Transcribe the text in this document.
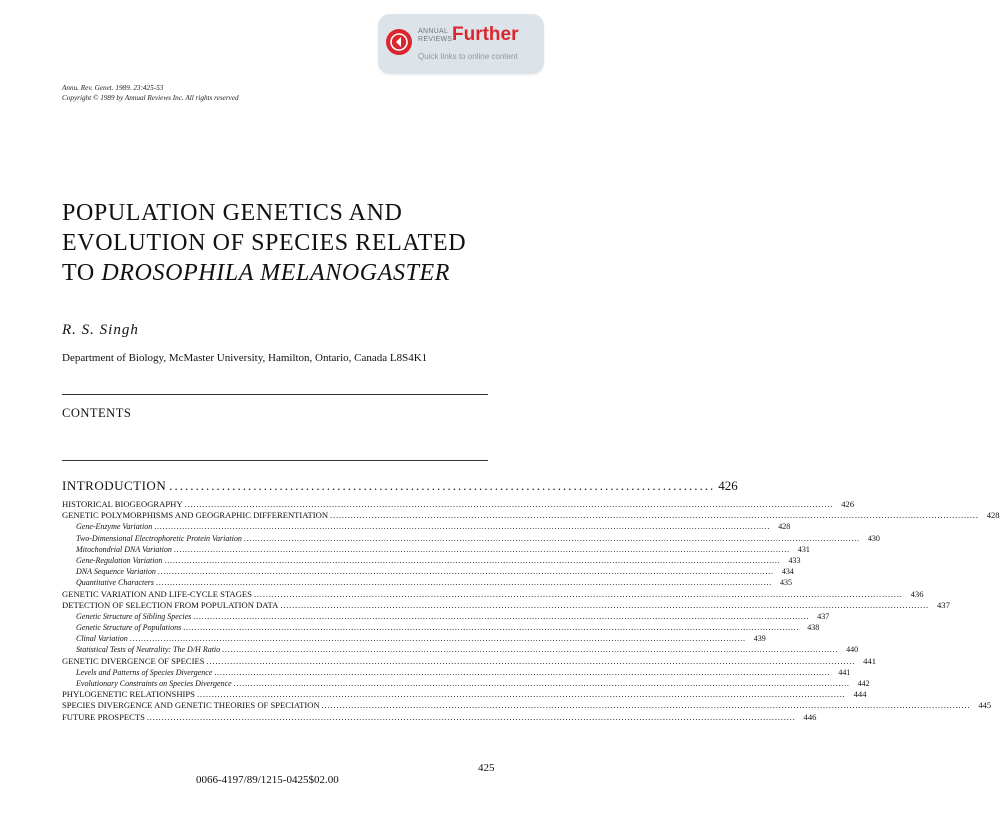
ANNUAL
REVIEWS Further
Quick links to online content
Annu. Rev. Genet. 1989. 23:425-53
Copyright © 1989 by Annual Reviews Inc. All rights reserved
POPULATION GENETICS AND
EVOLUTION OF SPECIES RELATED
TO DROSOPHILA MELANOGASTER
R. S. Singh
Department of Biology, McMaster University, Hamilton, Ontario, Canada L8S4K1
CONTENTS
INTRODUCTION ........................................................................................................ 426
HISTORICAL BIOGEOGRAPHY ............................................................................................................................................................................................................................ 426
GENETIC POLYMORPHISMS AND GEOGRAPHIC DIFFERENTIATION ............................................................................................................................................................................................................................ 428
Gene-Enzyme Variation ............................................................................................................................................................................................................................	428
Two-Dimensional Electrophoretic Protein Variation ............................................................................................................................................................................................................................	430
Mitochondrial DNA Variation ............................................................................................................................................................................................................................	431
Gene-Regulation Variation ............................................................................................................................................................................................................................	433
DNA Sequence Variation ............................................................................................................................................................................................................................	434
Quantitative Characters ............................................................................................................................................................................................................................	435
GENETIC VARIATION AND LIFE-CYCLE STAGES ............................................................................................................................................................................................................................ 436
DETECTION OF SELECTION FROM POPULATION DATA ............................................................................................................................................................................................................................ 437
Genetic Structure of Sibling Species ............................................................................................................................................................................................................................	437
Genetic Structure of Populations ............................................................................................................................................................................................................................	438
Clinal Variation ............................................................................................................................................................................................................................	439
Statistical Tests of Neutrality: The D/H Ratio ............................................................................................................................................................................................................................	440
GENETIC DIVERGENCE OF SPECIES ............................................................................................................................................................................................................................ 441
Levels and Patterns of Species Divergence ............................................................................................................................................................................................................................	441
Evolutionary Constraints on Species Divergence ............................................................................................................................................................................................................................	442
PHYLOGENETIC RELATIONSHIPS ............................................................................................................................................................................................................................ 444
SPECIES DIVERGENCE AND GENETIC THEORIES OF SPECIATION ............................................................................................................................................................................................................................ 445
FUTURE PROSPECTS ............................................................................................................................................................................................................................ 446
425
0066-4197/89/1215-0425$02.00
